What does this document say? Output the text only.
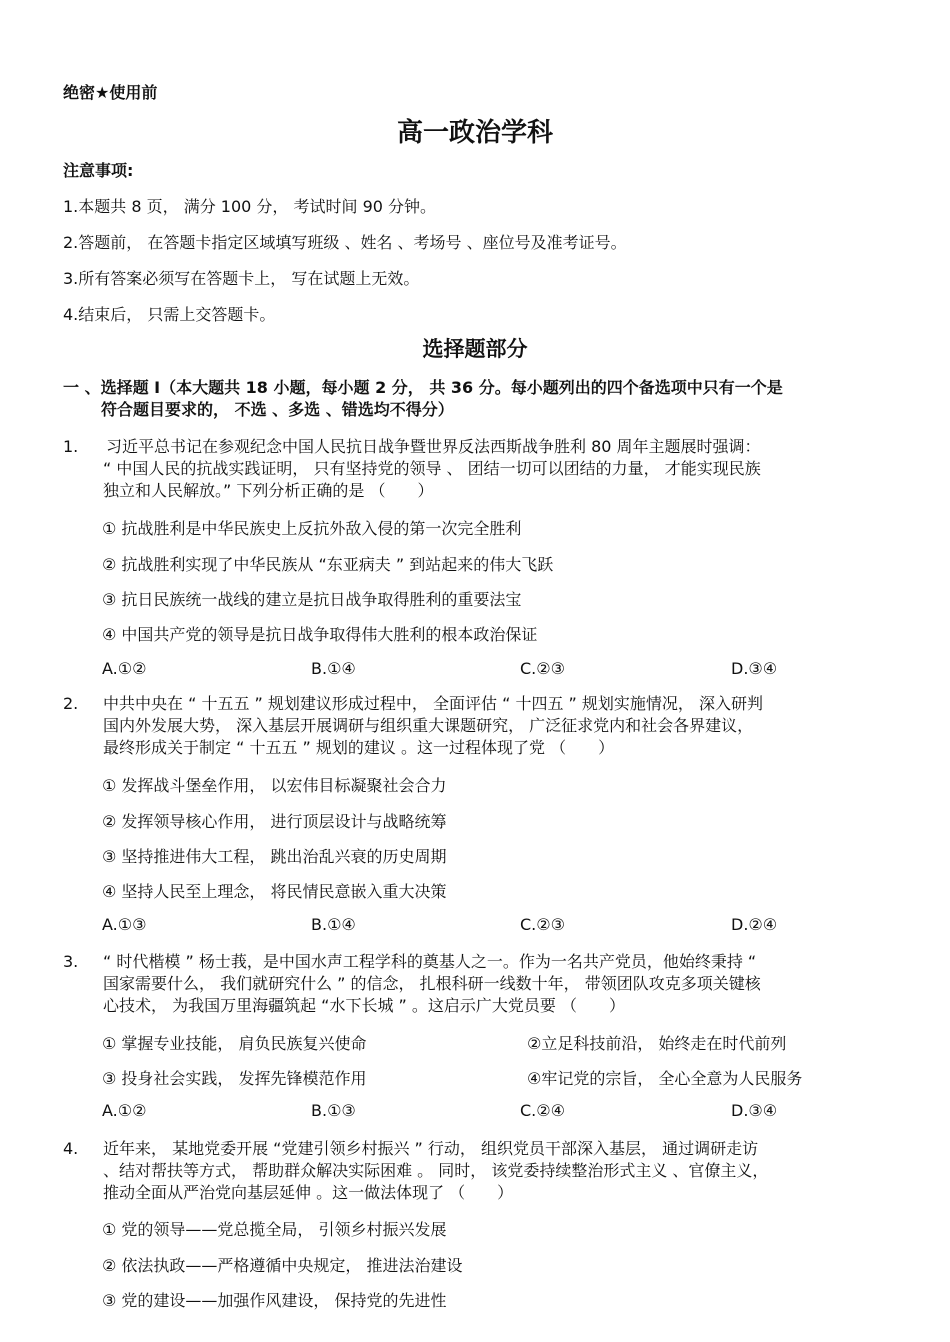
绝密★使用前
高一政治学科
注意事项:
1.本题共 8 页， 满分 100 分， 考试时间 90 分钟。
2.答题前， 在答题卡指定区域填写班级 、姓名 、考场号 、座位号及准考证号。
3.所有答案必须写在答题卡上， 写在试题上无效。
4.结束后， 只需上交答题卡。
选择题部分
一 、选择题 I（本大题共 18 小题，每小题 2 分， 共 36 分。每小题列出的四个备选项中只有一个是
符合题目要求的， 不选 、多选 、错选均不得分）
1. 习近平总书记在参观纪念中国人民抗日战争暨世界反法西斯战争胜利 80 周年主题展时强调：
“ 中国人民的抗战实践证明， 只有坚持党的领导 、 团结一切可以团结的力量， 才能实现民族
独立和人民解放。” 下列分析正确的是 （　　）
① 抗战胜利是中华民族史上反抗外敌入侵的第一次完全胜利
② 抗战胜利实现了中华民族从 “东亚病夫 ” 到站起来的伟大飞跃
③ 抗日民族统一战线的建立是抗日战争取得胜利的重要法宝
④ 中国共产党的领导是抗日战争取得伟大胜利的根本政治保证
A.①②	B.①④	C.②③	D.③④
2. 中共中央在 “ 十五五 ” 规划建议形成过程中， 全面评估 “ 十四五 ” 规划实施情况， 深入研判
国内外发展大势， 深入基层开展调研与组织重大课题研究， 广泛征求党内和社会各界建议，
最终形成关于制定 “ 十五五 ” 规划的建议 。这一过程体现了党 （　　）
① 发挥战斗堡垒作用， 以宏伟目标凝聚社会合力
② 发挥领导核心作用， 进行顶层设计与战略统筹
③ 坚持推进伟大工程， 跳出治乱兴衰的历史周期
④ 坚持人民至上理念， 将民情民意嵌入重大决策
A.①③	B.①④	C.②③	D.②④
3. “ 时代楷模 ” 杨士莪，是中国水声工程学科的奠基人之一。作为一名共产党员，他始终秉持 “
国家需要什么， 我们就研究什么 ” 的信念， 扎根科研一线数十年， 带领团队攻克多项关键核
心技术， 为我国万里海疆筑起 “水下长城 ” 。这启示广大党员要 （　　）
① 掌握专业技能， 肩负民族复兴使命	②立足科技前沿， 始终走在时代前列
③ 投身社会实践， 发挥先锋模范作用	④牢记党的宗旨， 全心全意为人民服务
A.①②	B.①③	C.②④	D.③④
4. 近年来， 某地党委开展 “党建引领乡村振兴 ” 行动， 组织党员干部深入基层， 通过调研走访
、结对帮扶等方式， 帮助群众解决实际困难 。 同时， 该党委持续整治形式主义 、官僚主义，
推动全面从严治党向基层延伸 。这一做法体现了 （　　）
① 党的领导——党总揽全局， 引领乡村振兴发展
② 依法执政——严格遵循中央规定， 推进法治建设
③ 党的建设——加强作风建设， 保持党的先进性
